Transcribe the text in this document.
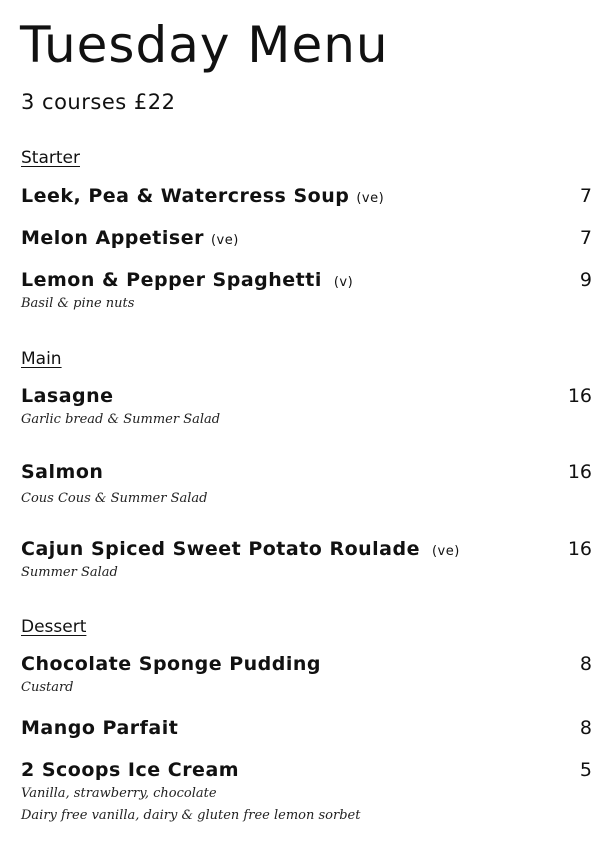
Tuesday Menu
3 courses £22
Starter
Leek, Pea & Watercress Soup (ve)	7
Melon Appetiser (ve)	7
Lemon & Pepper Spaghetti (v)	9
Basil & pine nuts
Main
Lasagne	16
Garlic bread & Summer Salad
Salmon	16
Cous Cous & Summer Salad
Cajun Spiced Sweet Potato Roulade (ve)	16
Summer Salad
Dessert
Chocolate Sponge Pudding	8
Custard
Mango Parfait	8
2 Scoops Ice Cream	5
Vanilla, strawberry, chocolate
Dairy free vanilla, dairy & gluten free lemon sorbet
